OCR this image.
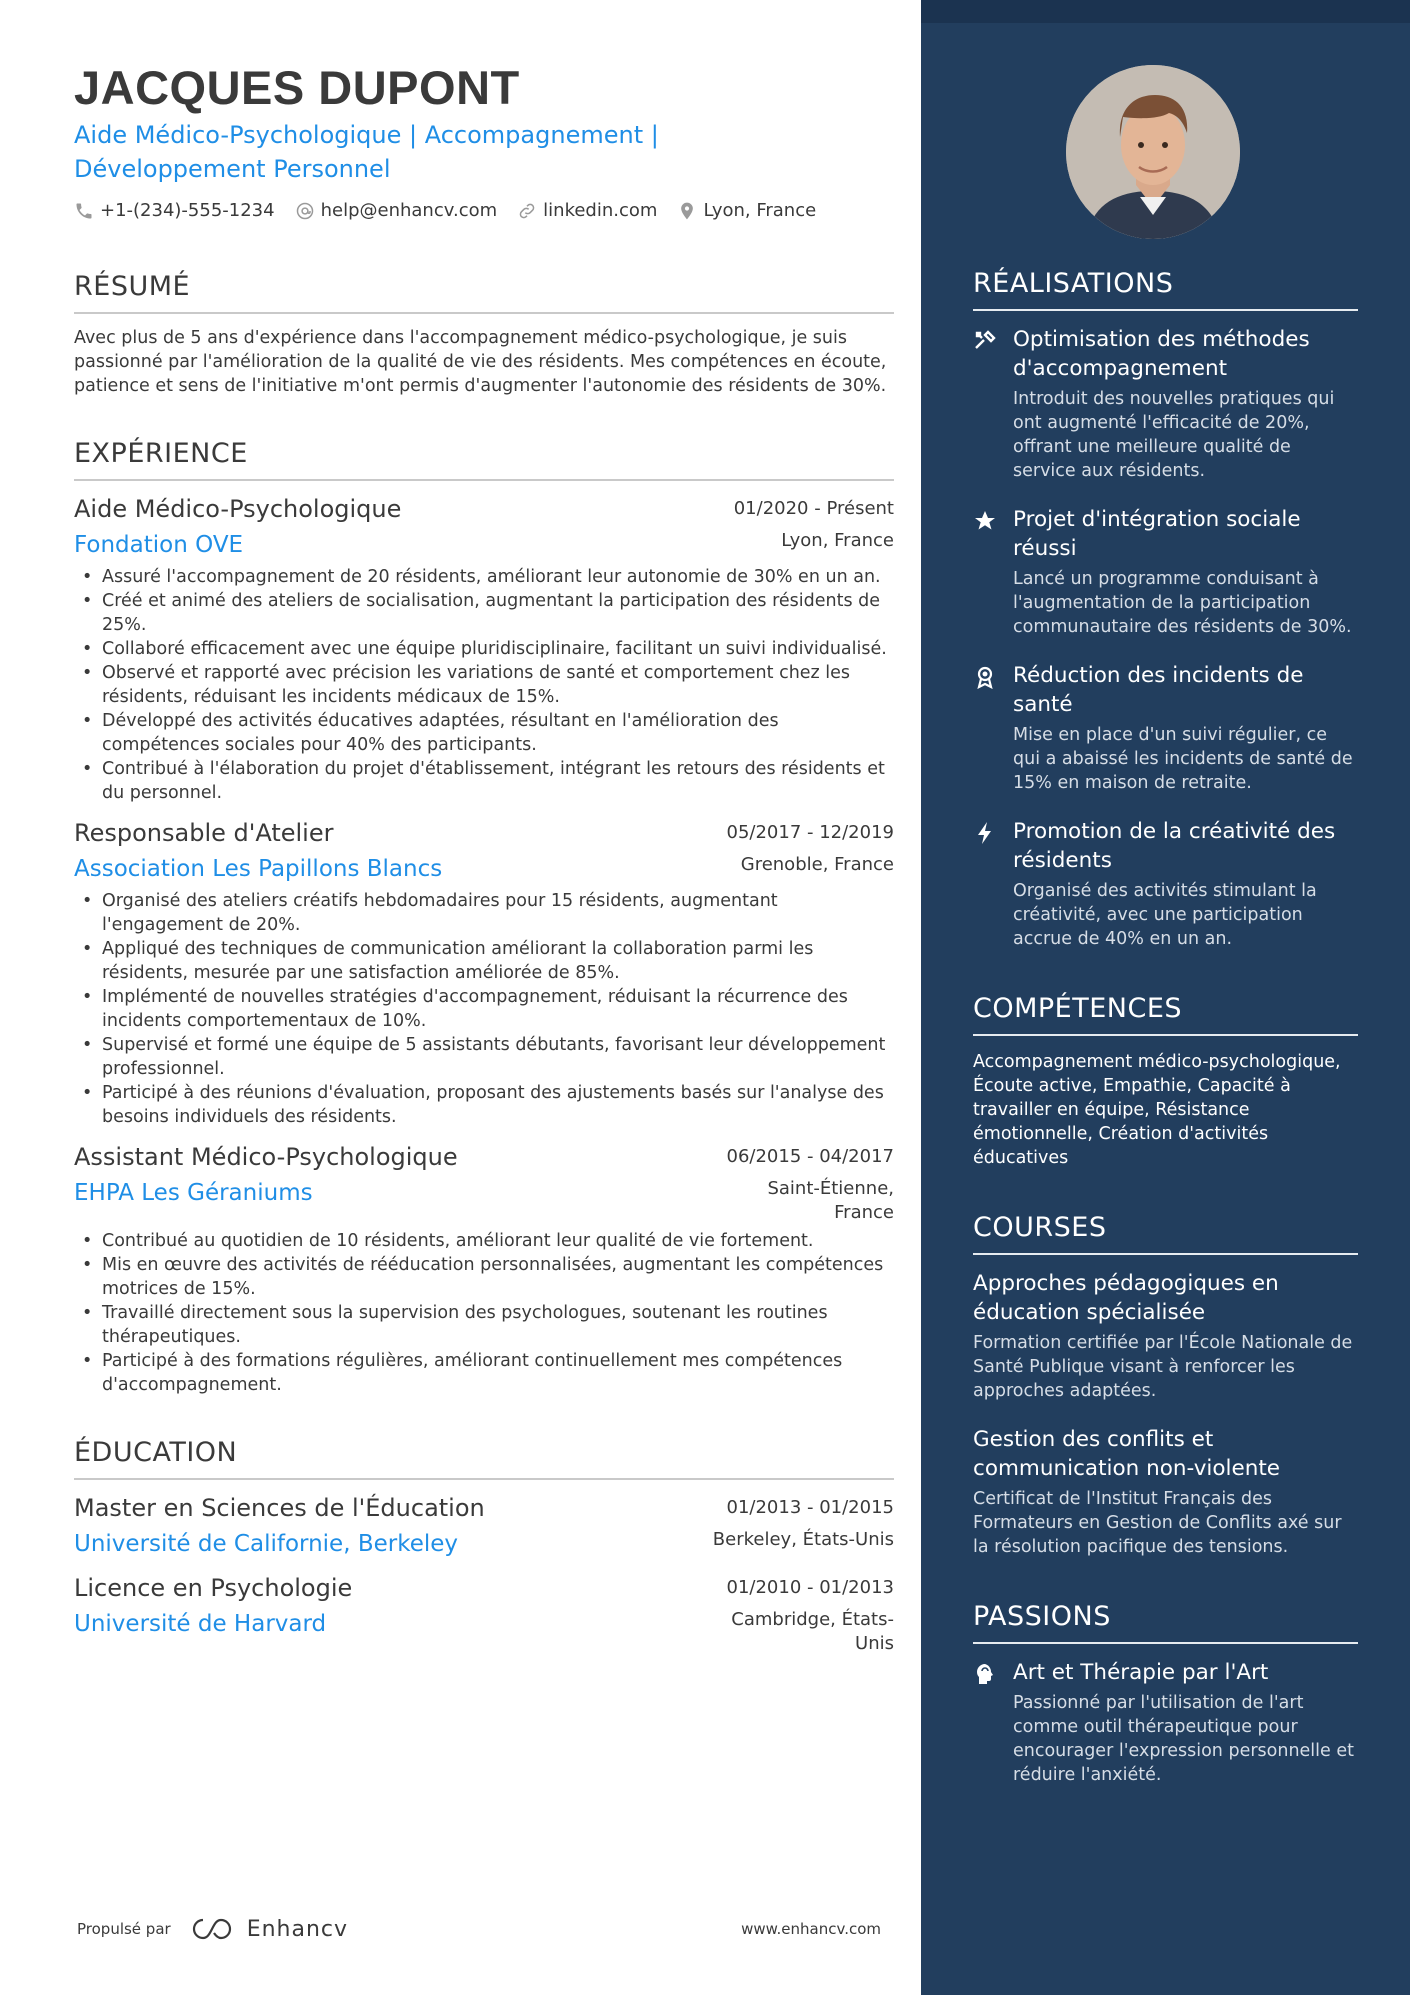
JACQUES DUPONT
Aide Médico-Psychologique | Accompagnement | Développement Personnel
+1-(234)-555-1234	help@enhancv.com	linkedin.com	Lyon, France
RÉSUMÉ
Avec plus de 5 ans d'expérience dans l'accompagnement médico-psychologique, je suis passionné par l'amélioration de la qualité de vie des résidents. Mes compétences en écoute, patience et sens de l'initiative m'ont permis d'augmenter l'autonomie des résidents de 30%.
EXPÉRIENCE
Aide Médico-Psychologique	01/2020 - Présent
Fondation OVE	Lyon, France
• Assuré l'accompagnement de 20 résidents, améliorant leur autonomie de 30% en un an.
• Créé et animé des ateliers de socialisation, augmentant la participation des résidents de 25%.
• Collaboré efficacement avec une équipe pluridisciplinaire, facilitant un suivi individualisé.
• Observé et rapporté avec précision les variations de santé et comportement chez les résidents, réduisant les incidents médicaux de 15%.
• Développé des activités éducatives adaptées, résultant en l'amélioration des compétences sociales pour 40% des participants.
• Contribué à l'élaboration du projet d'établissement, intégrant les retours des résidents et du personnel.
Responsable d'Atelier	05/2017 - 12/2019
Association Les Papillons Blancs	Grenoble, France
• Organisé des ateliers créatifs hebdomadaires pour 15 résidents, augmentant l'engagement de 20%.
• Appliqué des techniques de communication améliorant la collaboration parmi les résidents, mesurée par une satisfaction améliorée de 85%.
• Implémenté de nouvelles stratégies d'accompagnement, réduisant la récurrence des incidents comportementaux de 10%.
• Supervisé et formé une équipe de 5 assistants débutants, favorisant leur développement professionnel.
• Participé à des réunions d'évaluation, proposant des ajustements basés sur l'analyse des besoins individuels des résidents.
Assistant Médico-Psychologique	06/2015 - 04/2017
EHPA Les Géraniums	Saint-Étienne,
France
• Contribué au quotidien de 10 résidents, améliorant leur qualité de vie fortement.
• Mis en œuvre des activités de rééducation personnalisées, augmentant les compétences motrices de 15%.
• Travaillé directement sous la supervision des psychologues, soutenant les routines thérapeutiques.
• Participé à des formations régulières, améliorant continuellement mes compétences d'accompagnement.
ÉDUCATION
Master en Sciences de l'Éducation	01/2013 - 01/2015
Université de Californie, Berkeley	Berkeley, États-Unis
Licence en Psychologie	01/2010 - 01/2013
Université de Harvard	Cambridge, États-
Unis
Propulsé par	Enhancv	www.enhancv.com
RÉALISATIONS
Optimisation des méthodes d'accompagnement
Introduit des nouvelles pratiques qui ont augmenté l'efficacité de 20%, offrant une meilleure qualité de service aux résidents.
Projet d'intégration sociale réussi
Lancé un programme conduisant à l'augmentation de la participation communautaire des résidents de 30%.
Réduction des incidents de santé
Mise en place d'un suivi régulier, ce qui a abaissé les incidents de santé de 15% en maison de retraite.
Promotion de la créativité des résidents
Organisé des activités stimulant la créativité, avec une participation accrue de 40% en un an.
COMPÉTENCES
Accompagnement médico-psychologique, Écoute active, Empathie, Capacité à travailler en équipe, Résistance émotionnelle, Création d'activités éducatives
COURSES
Approches pédagogiques en éducation spécialisée
Formation certifiée par l'École Nationale de Santé Publique visant à renforcer les approches adaptées.
Gestion des conflits et communication non-violente
Certificat de l'Institut Français des Formateurs en Gestion de Conflits axé sur la résolution pacifique des tensions.
PASSIONS
Art et Thérapie par l'Art
Passionné par l'utilisation de l'art comme outil thérapeutique pour encourager l'expression personnelle et réduire l'anxiété.
